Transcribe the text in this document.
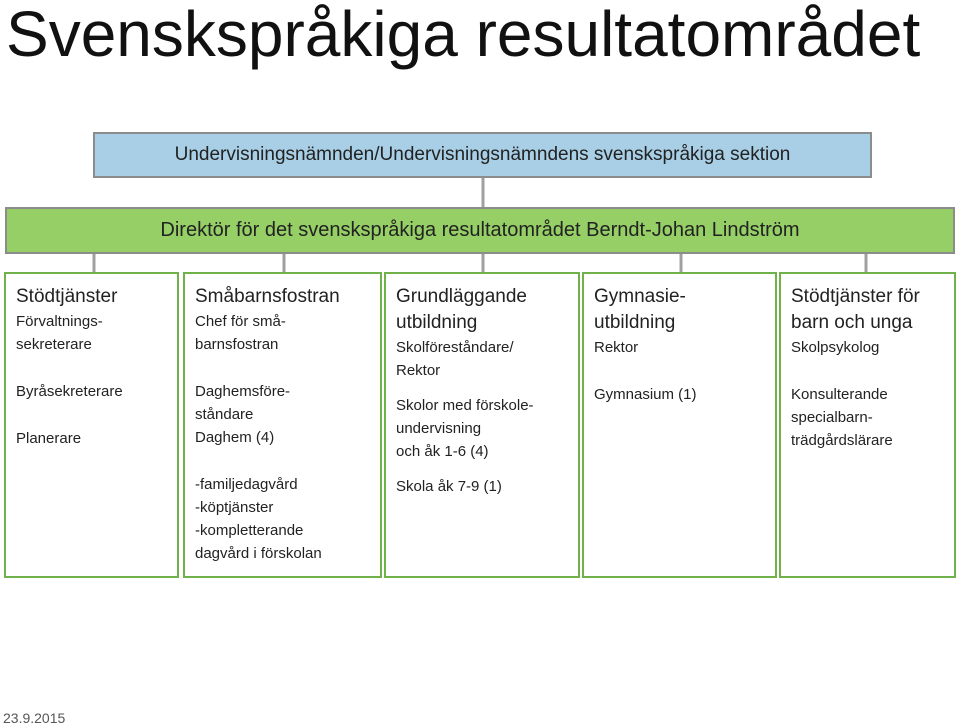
Svenskspråkiga resultatområdet
Undervisningsnämnden/Undervisningsnämndens svenskspråkiga sektion
Direktör för det svenskspråkiga resultatområdet Berndt-Johan Lindström
Stödtjänster
Förvaltnings-
sekreterare
Byråsekreterare
Planerare
Småbarnsfostran
Chef för små-
barnsfostran
Daghemsföre-
ståndare
Daghem (4)
-familjedagvård
-köptjänster
-kompletterande
dagvård i förskolan
Grundläggande
utbildning
Skolföreståndare/
Rektor
Skolor med förskole-
undervisning
och åk 1-6 (4)
Skola åk 7-9 (1)
Gymnasie-
utbildning
Rektor
Gymnasium (1)
Stödtjänster för
barn och unga
Skolpsykolog
Konsulterande
specialbarn-
trädgårdslärare
23.9.2015
